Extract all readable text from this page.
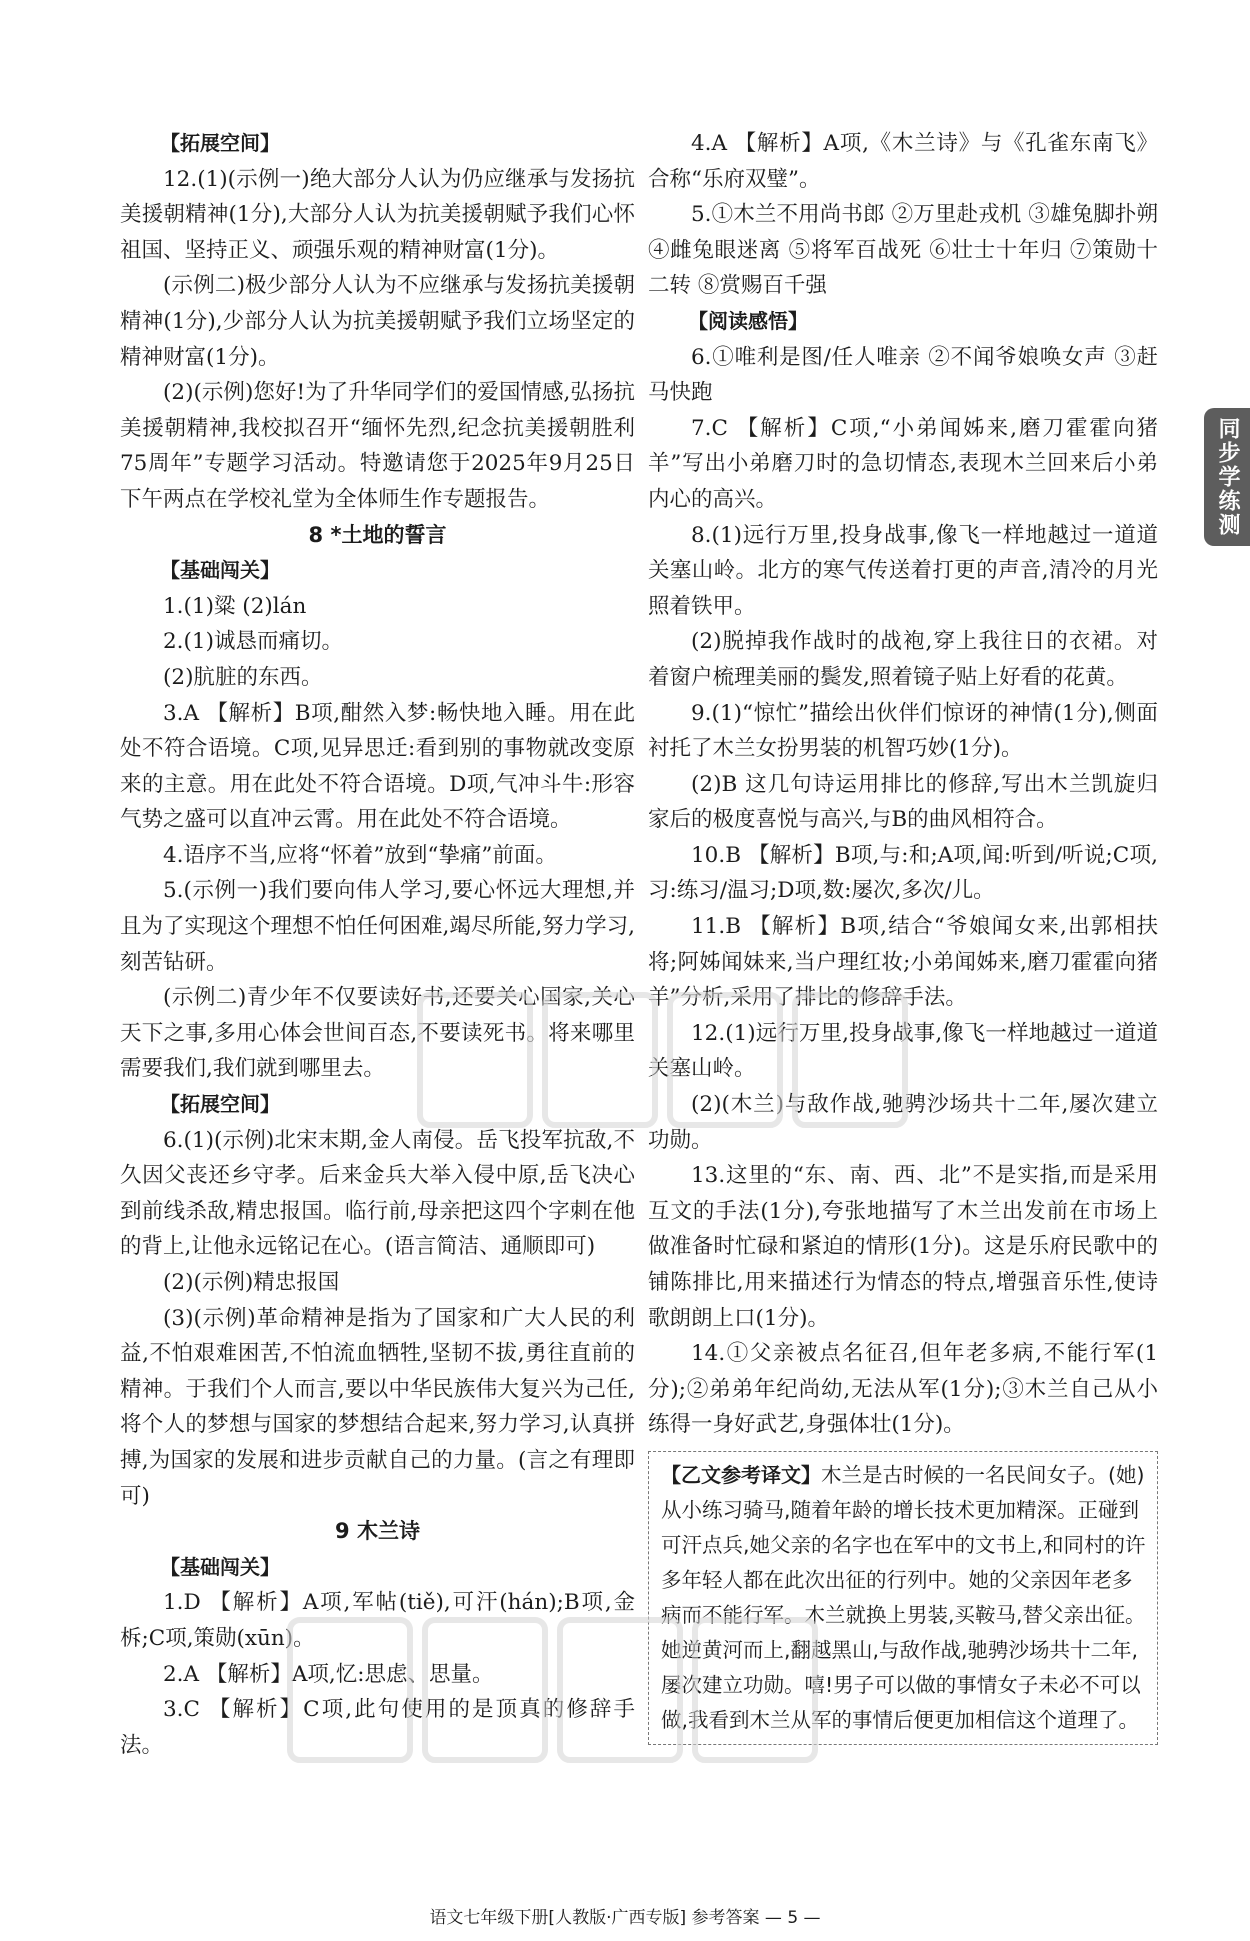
【拓展空间】

12.(1)(示例一)绝大部分人认为仍应继承与发扬抗美援朝精神(1分),大部分人认为抗美援朝赋予我们心怀祖国、坚持正义、顽强乐观的精神财富(1分)。

(示例二)极少部分人认为不应继承与发扬抗美援朝精神(1分),少部分人认为抗美援朝赋予我们立场坚定的精神财富(1分)。

(2)(示例)您好!为了升华同学们的爱国情感,弘扬抗美援朝精神,我校拟召开“缅怀先烈,纪念抗美援朝胜利75周年”专题学习活动。特邀请您于2025年9月25日下午两点在学校礼堂为全体师生作专题报告。

8 *土地的誓言

【基础闯关】

1.(1)粱 (2)lán

2.(1)诚恳而痛切。

(2)肮脏的东西。

3.A 【解析】B项,酣然入梦:畅快地入睡。用在此处不符合语境。C项,见异思迁:看到别的事物就改变原来的主意。用在此处不符合语境。D项,气冲斗牛:形容气势之盛可以直冲云霄。用在此处不符合语境。

4.语序不当,应将“怀着”放到“挚痛”前面。

5.(示例一)我们要向伟人学习,要心怀远大理想,并且为了实现这个理想不怕任何困难,竭尽所能,努力学习,刻苦钻研。

(示例二)青少年不仅要读好书,还要关心国家,关心天下之事,多用心体会世间百态,不要读死书。将来哪里需要我们,我们就到哪里去。

【拓展空间】

6.(1)(示例)北宋末期,金人南侵。岳飞投军抗敌,不久因父丧还乡守孝。后来金兵大举入侵中原,岳飞决心到前线杀敌,精忠报国。临行前,母亲把这四个字刺在他的背上,让他永远铭记在心。(语言简洁、通顺即可)

(2)(示例)精忠报国

(3)(示例)革命精神是指为了国家和广大人民的利益,不怕艰难困苦,不怕流血牺牲,坚韧不拔,勇往直前的精神。于我们个人而言,要以中华民族伟大复兴为己任,将个人的梦想与国家的梦想结合起来,努力学习,认真拼搏,为国家的发展和进步贡献自己的力量。(言之有理即可)

9 木兰诗

【基础闯关】

1.D 【解析】A项,军帖(tiě),可汗(hán);B项,金柝;C项,策勋(xūn)。

2.A 【解析】A项,忆:思虑、思量。

3.C 【解析】C项,此句使用的是顶真的修辞手法。

4.A 【解析】A项,《木兰诗》与《孔雀东南飞》合称“乐府双璧”。

5.①木兰不用尚书郎 ②万里赴戎机 ③雄兔脚扑朔 ④雌兔眼迷离 ⑤将军百战死 ⑥壮士十年归 ⑦策勋十二转 ⑧赏赐百千强

【阅读感悟】

6.①唯利是图/任人唯亲 ②不闻爷娘唤女声 ③赶马快跑

7.C 【解析】C项,“小弟闻姊来,磨刀霍霍向猪羊”写出小弟磨刀时的急切情态,表现木兰回来后小弟内心的高兴。

8.(1)远行万里,投身战事,像飞一样地越过一道道关塞山岭。北方的寒气传送着打更的声音,清冷的月光照着铁甲。

(2)脱掉我作战时的战袍,穿上我往日的衣裙。对着窗户梳理美丽的鬓发,照着镜子贴上好看的花黄。

9.(1)“惊忙”描绘出伙伴们惊讶的神情(1分),侧面衬托了木兰女扮男装的机智巧妙(1分)。

(2)B 这几句诗运用排比的修辞,写出木兰凯旋归家后的极度喜悦与高兴,与B的曲风相符合。

10.B 【解析】B项,与:和;A项,闻:听到/听说;C项,习:练习/温习;D项,数:屡次,多次/儿。

11.B 【解析】B项,结合“爷娘闻女来,出郭相扶将;阿姊闻妹来,当户理红妆;小弟闻姊来,磨刀霍霍向猪羊”分析,采用了排比的修辞手法。

12.(1)远行万里,投身战事,像飞一样地越过一道道关塞山岭。

(2)(木兰)与敌作战,驰骋沙场共十二年,屡次建立功勋。

13.这里的“东、南、西、北”不是实指,而是采用互文的手法(1分),夸张地描写了木兰出发前在市场上做准备时忙碌和紧迫的情形(1分)。这是乐府民歌中的铺陈排比,用来描述行为情态的特点,增强音乐性,使诗歌朗朗上口(1分)。

14.①父亲被点名征召,但年老多病,不能行军(1分);②弟弟年纪尚幼,无法从军(1分);③木兰自己从小练得一身好武艺,身强体壮(1分)。

【乙文参考译文】木兰是古时候的一名民间女子。(她)从小练习骑马,随着年龄的增长技术更加精深。正碰到可汗点兵,她父亲的名字也在军中的文书上,和同村的许多年轻人都在此次出征的行列中。她的父亲因年老多病而不能行军。木兰就换上男装,买鞍马,替父亲出征。她逆黄河而上,翻越黑山,与敌作战,驰骋沙场共十二年,屡次建立功勋。嘻!男子可以做的事情女子未必不可以做,我看到木兰从军的事情后便更加相信这个道理了。
同步学练测
语文七年级下册[人教版·广西专版] 参考答案 — 5 —
